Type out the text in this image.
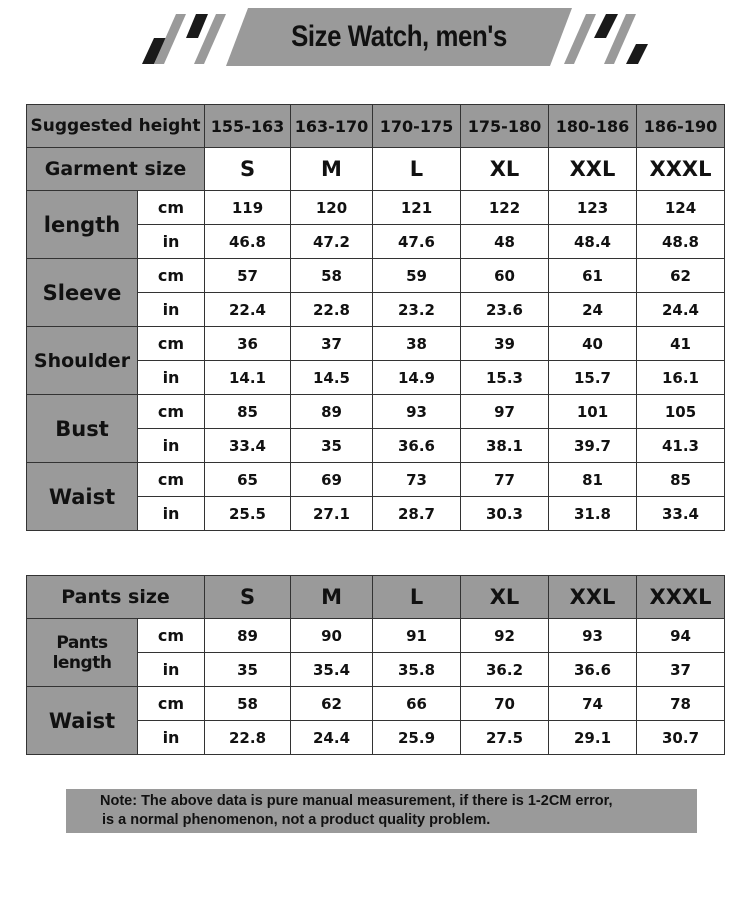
Size Watch, men's
Suggested height		155-163	163-170	170-175	175-180	180-186	186-190
Garment size		S	M	L	XL	XXL	XXXL
length	cm	119	120	121	122	123	124
	in	46.8	47.2	47.6	48	48.4	48.8
Sleeve	cm	57	58	59	60	61	62
	in	22.4	22.8	23.2	23.6	24	24.4
Shoulder	cm	36	37	38	39	40	41
	in	14.1	14.5	14.9	15.3	15.7	16.1
Bust	cm	85	89	93	97	101	105
	in	33.4	35	36.6	38.1	39.7	41.3
Waist	cm	65	69	73	77	81	85
	in	25.5	27.1	28.7	30.3	31.8	33.4
Pants size		S	M	L	XL	XXL	XXXL
Pants length	cm	89	90	91	92	93	94
	in	35	35.4	35.8	36.2	36.6	37
Waist	cm	58	62	66	70	74	78
	in	22.8	24.4	25.9	27.5	29.1	30.7
Note: The above data is pure manual measurement, if there is 1-2CM error,
is a normal phenomenon, not a product quality problem.
